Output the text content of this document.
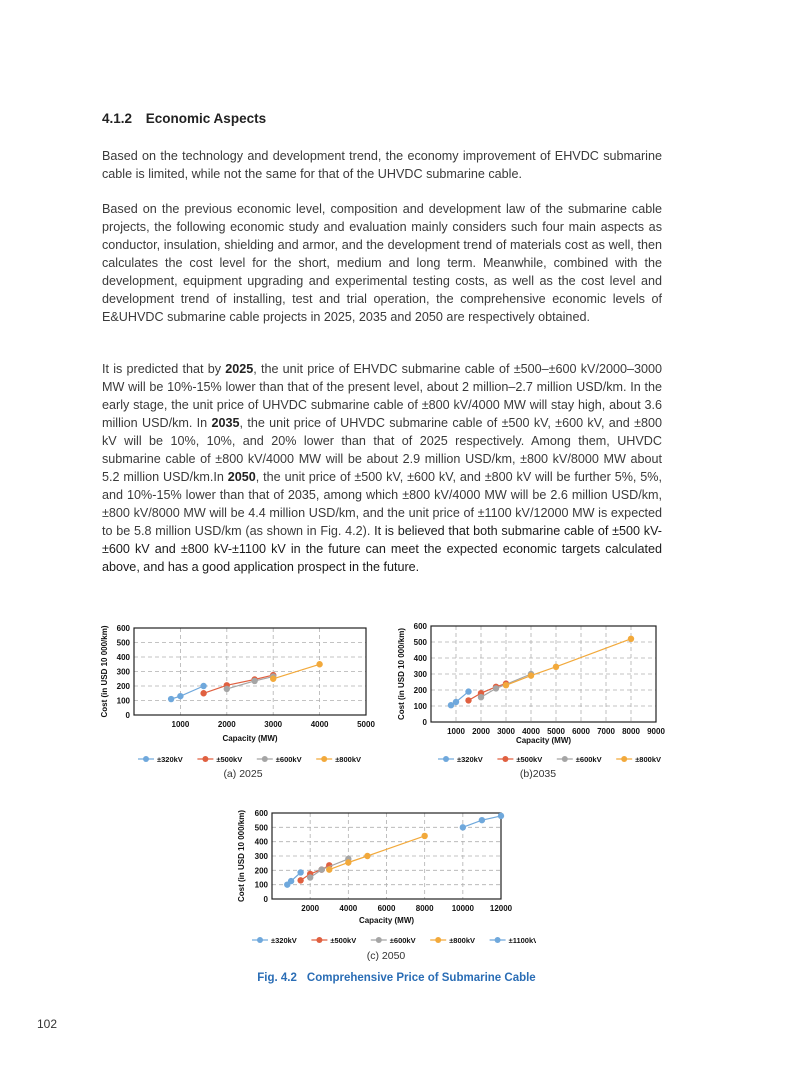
4.1.2 Economic Aspects
Based on the technology and development trend, the economy improvement of EHVDC submarine cable is limited, while not the same for that of the UHVDC submarine cable.
Based on the previous economic level, composition and development law of the submarine cable projects, the following economic study and evaluation mainly considers such four main aspects as conductor, insulation, shielding and armor, and the development trend of materials cost as well, then calculates the cost level for the short, medium and long term. Meanwhile, combined with the development, equipment upgrading and experimental testing costs, as well as the cost level and development trend of installing, test and trial operation, the comprehensive economic levels of E&UHVDC submarine cable projects in 2025, 2035 and 2050 are respectively obtained.
It is predicted that by 2025, the unit price of EHVDC submarine cable of ±500–±600 kV/2000–3000 MW will be 10%-15% lower than that of the present level, about 2 million–2.7 million USD/km. In the early stage, the unit price of UHVDC submarine cable of ±800 kV/4000 MW will stay high, about 3.6 million USD/km. In 2035, the unit price of UHVDC submarine cable of ±500 kV, ±600 kV, and ±800 kV will be 10%, 10%, and 20% lower than that of 2025 respectively. Among them, UHVDC submarine cable of ±800 kV/4000 MW will be about 2.9 million USD/km, ±800 kV/8000 MW about 5.2 million USD/km.In 2050, the unit price of ±500 kV, ±600 kV, and ±800 kV will be further 5%, 5%, and 10%-15% lower than that of 2035, among which ±800 kV/4000 MW will be 2.6 million USD/km, ±800 kV/8000 MW will be 4.4 million USD/km, and the unit price of ±1100 kV/12000 MW is expected to be 5.8 million USD/km (as shown in Fig. 4.2). It is believed that both submarine cable of ±500 kV-±600 kV and ±800 kV-±1100 kV in the future can meet the expected economic targets calculated above, and has a good application prospect in the future.
0
100
200
300
400
500
600
1000	2000	3000	4000	5000
Capacity (MW)
Cost (in USD 10 000/km)
±320kV	±500kV	±600kV	±800kV
(a) 2025
0
100
200
300
400
500
600
1000 2000 3000 4000 5000 6000 7000 8000 9000
Capacity (MW)
Cost (in USD 10 000/km)
±320kV	±500kV	±600kV	±800kV
(b)2035
0
100
200
300
400
500
600
2000	4000	6000	8000 10000 12000
Capacity (MW)
Cost (in USD 10 000/km)
±320kV	±500kV	±600kV	±800kV	±1100kV
(c) 2050
Fig. 4.2 Comprehensive Price of Submarine Cable
102
